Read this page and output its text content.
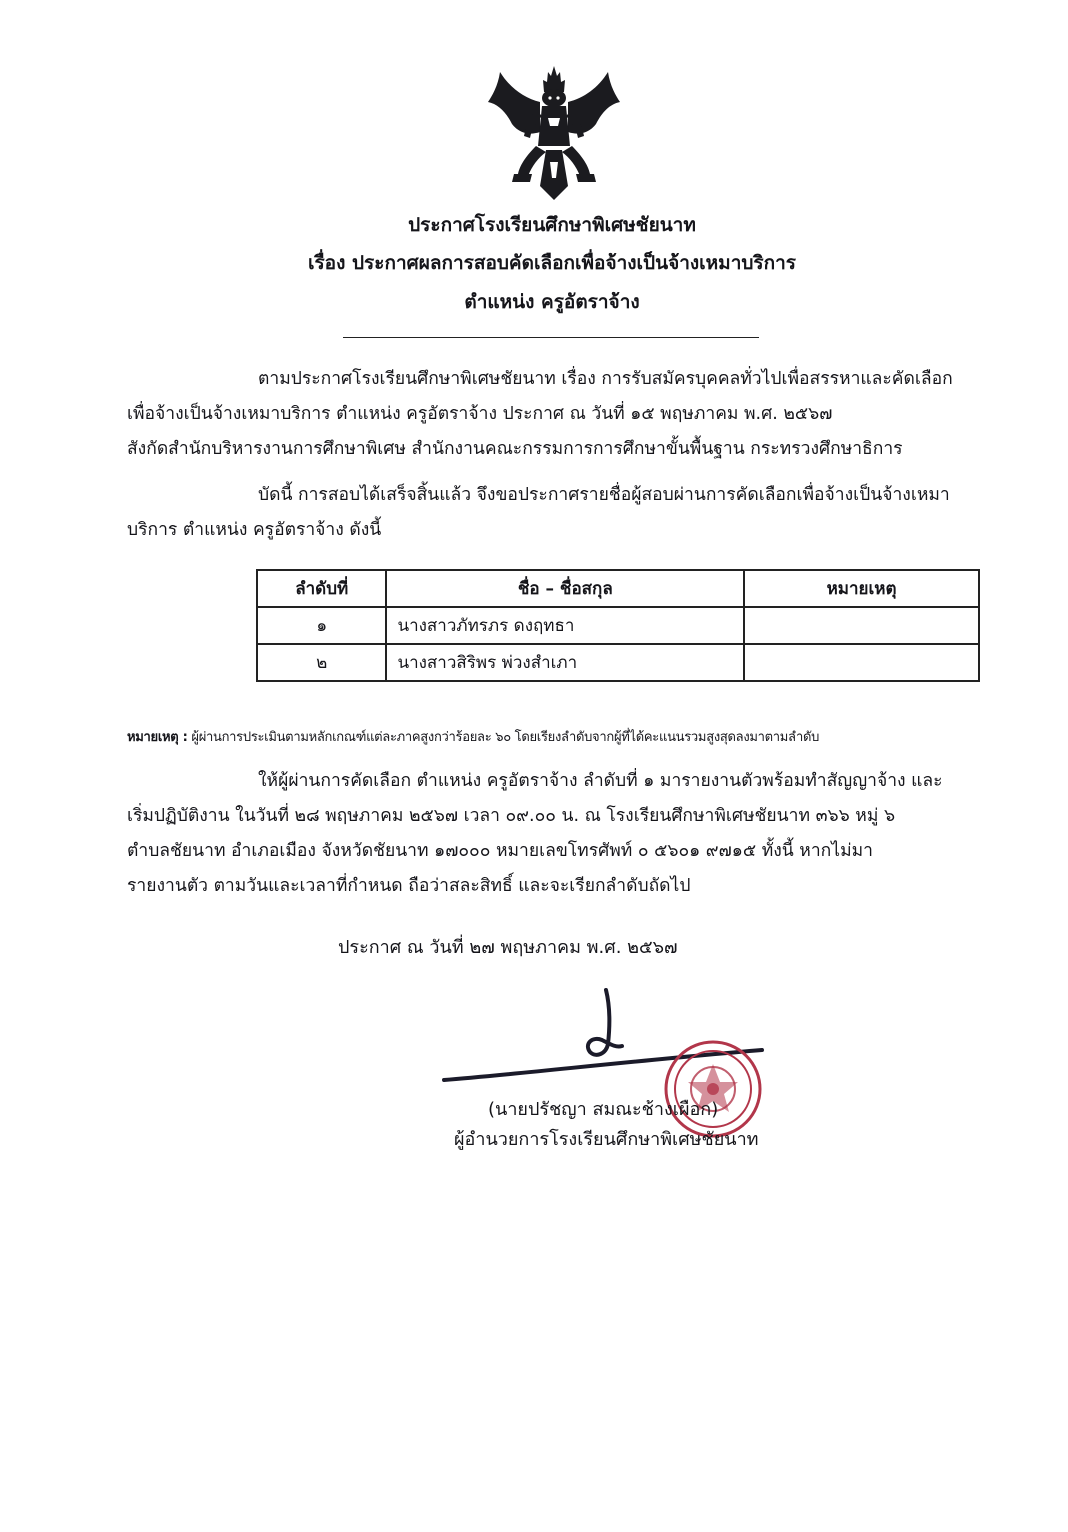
ประกาศโรงเรียนศึกษาพิเศษชัยนาท
เรื่อง ประกาศผลการสอบคัดเลือกเพื่อจ้างเป็นจ้างเหมาบริการ
ตำแหน่ง ครูอัตราจ้าง
ตามประกาศโรงเรียนศึกษาพิเศษชัยนาท เรื่อง การรับสมัครบุคคลทั่วไปเพื่อสรรหาและคัดเลือก
เพื่อจ้างเป็นจ้างเหมาบริการ ตำแหน่ง ครูอัตราจ้าง ประกาศ ณ วันที่ ๑๕ พฤษภาคม พ.ศ. ๒๕๖๗
สังกัดสำนักบริหารงานการศึกษาพิเศษ สำนักงานคณะกรรมการการศึกษาขั้นพื้นฐาน กระทรวงศึกษาธิการ
บัดนี้ การสอบได้เสร็จสิ้นแล้ว จึงขอประกาศรายชื่อผู้สอบผ่านการคัดเลือกเพื่อจ้างเป็นจ้างเหมา
บริการ ตำแหน่ง ครูอัตราจ้าง ดังนี้
ลำดับที่	ชื่อ – ชื่อสกุล	หมายเหตุ
๑	นางสาวภัทรภร ดงฤทธา	
๒	นางสาวสิริพร พ่วงสำเภา	
หมายเหตุ : ผู้ผ่านการประเมินตามหลักเกณฑ์แต่ละภาคสูงกว่าร้อยละ ๖๐ โดยเรียงลำดับจากผู้ที่ได้คะแนนรวมสูงสุดลงมาตามลำดับ
ให้ผู้ผ่านการคัดเลือก ตำแหน่ง ครูอัตราจ้าง ลำดับที่ ๑ มารายงานตัวพร้อมทำสัญญาจ้าง และ
เริ่มปฏิบัติงาน ในวันที่ ๒๘ พฤษภาคม ๒๕๖๗ เวลา ๐๙.๐๐ น. ณ โรงเรียนศึกษาพิเศษชัยนาท ๓๖๖ หมู่ ๖
ตำบลชัยนาท อำเภอเมือง จังหวัดชัยนาท ๑๗๐๐๐ หมายเลขโทรศัพท์ ๐ ๕๖๐๑ ๙๗๑๕ ทั้งนี้ หากไม่มา
รายงานตัว ตามวันและเวลาที่กำหนด ถือว่าสละสิทธิ์ และจะเรียกลำดับถัดไป
ประกาศ ณ วันที่ ๒๗ พฤษภาคม พ.ศ. ๒๕๖๗
(นายปรัชญา สมณะช้างเผือก)
ผู้อำนวยการโรงเรียนศึกษาพิเศษชัยนาท
